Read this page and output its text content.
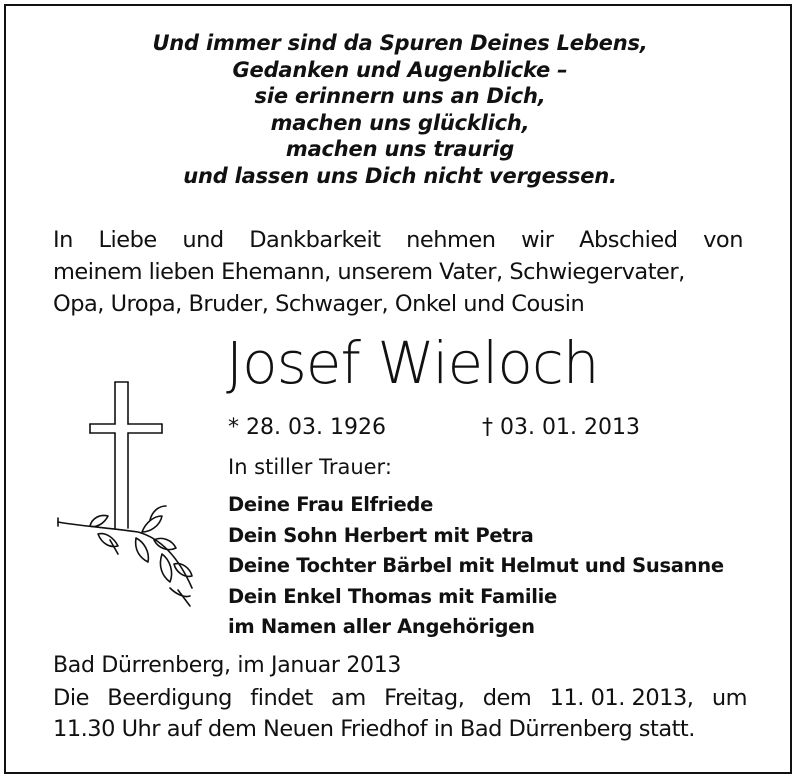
Und immer sind da Spuren Deines Lebens,
Gedanken und Augenblicke –
sie erinnern uns an Dich,
machen uns glücklich,
machen uns traurig
und lassen uns Dich nicht vergessen.
In Liebe und Dankbarkeit nehmen wir Abschied von
meinem lieben Ehemann, unserem Vater, Schwiegervater,
Opa, Uropa, Bruder, Schwager, Onkel und Cousin
Josef Wieloch
* 28. 03. 1926	† 03. 01. 2013
In stiller Trauer:
Deine Frau Elfriede
Dein Sohn Herbert mit Petra
Deine Tochter Bärbel mit Helmut und Susanne
Dein Enkel Thomas mit Familie
im Namen aller Angehörigen
Bad Dürrenberg, im Januar 2013
Die Beerdigung findet am Freitag, dem 11. 01. 2013, um
11.30 Uhr auf dem Neuen Friedhof in Bad Dürrenberg statt.
